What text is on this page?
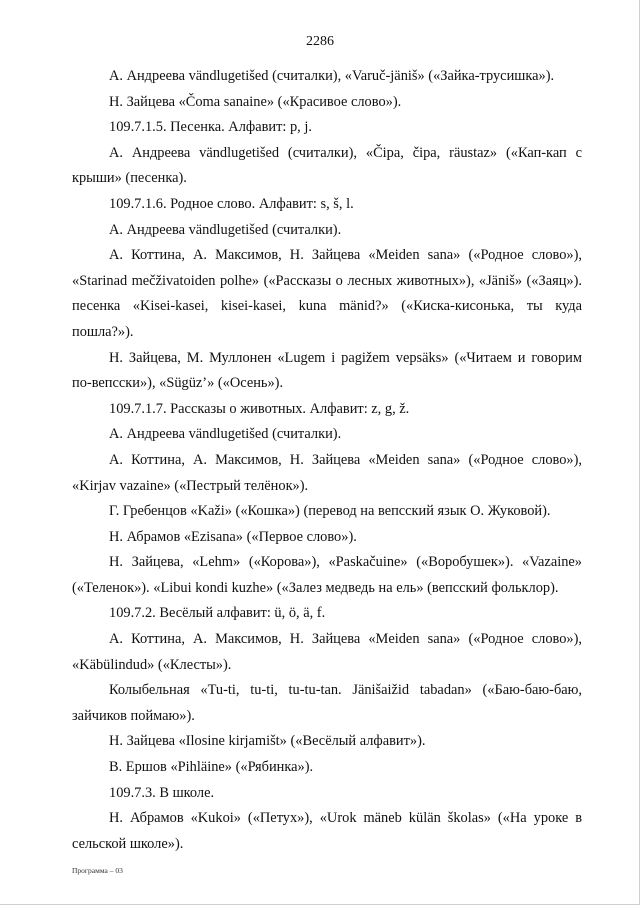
2286

А. Андреева vändlugetišed (считалки), «Varuč-jäniš» («Зайка-трусишка»).

Н. Зайцева «Čoma sanaine» («Красивое слово»).

109.7.1.5. Песенка. Алфавит: p, j.

А. Андреева vändlugetišed (считалки), «Čipa, čipa, räustaz» («Кап-кап с крыши» (песенка).

109.7.1.6. Родное слово. Алфавит: s, š, l.

А. Андреева vändlugetišed (считалки).

А. Коттина, А. Максимов, Н. Зайцева «Meiden sana» («Родное слово»), «Starinad mečživatoiden polhe» («Рассказы о лесных животных»), «Jäniš» («Заяц»). песенка «Kisei-kasei, kisei-kasei, kuna mänid?» («Киска-кисонька, ты куда пошла?»).

Н. Зайцева, М. Муллонен «Lugem i pagižem vepsäks» («Читаем и говорим по-вепсски»), «Sügüz’» («Осень»).

109.7.1.7. Рассказы о животных. Алфавит: z, g, ž.

А. Андреева vändlugetišed (считалки).

А. Коттина, А. Максимов, Н. Зайцева «Meiden sana» («Родное слово»), «Kirjav vazaine» («Пестрый телёнок»).

Г. Гребенцов «Kaži» («Кошка») (перевод на вепсский язык О. Жуковой).

Н. Абрамов «Ezisana» («Первое слово»).

Н. Зайцева, «Lehm» («Корова»), «Paskačuine» («Воробушек»). «Vazaine» («Теленок»). «Libui kondi kuzhe» («Залез медведь на ель» (вепсский фольклор).

109.7.2. Весёлый алфавит: ü, ö, ä, f.

А. Коттина, А. Максимов, Н. Зайцева «Meiden sana» («Родное слово»), «Käbülindud» («Клесты»).

Колыбельная «Tu-ti, tu-ti, tu-tu-tan. Jänišaižid tabadan» («Баю-баю-баю, зайчиков поймаю»).

Н. Зайцева «Ilosine kirjamišt» («Весёлый алфавит»).

В. Ершов «Pihläine» («Рябинка»).

109.7.3. В школе.

Н. Абрамов «Kukoi» («Петух»), «Urok mäneb külän školas» («На уроке в сельской школе»).

Программа – 03
